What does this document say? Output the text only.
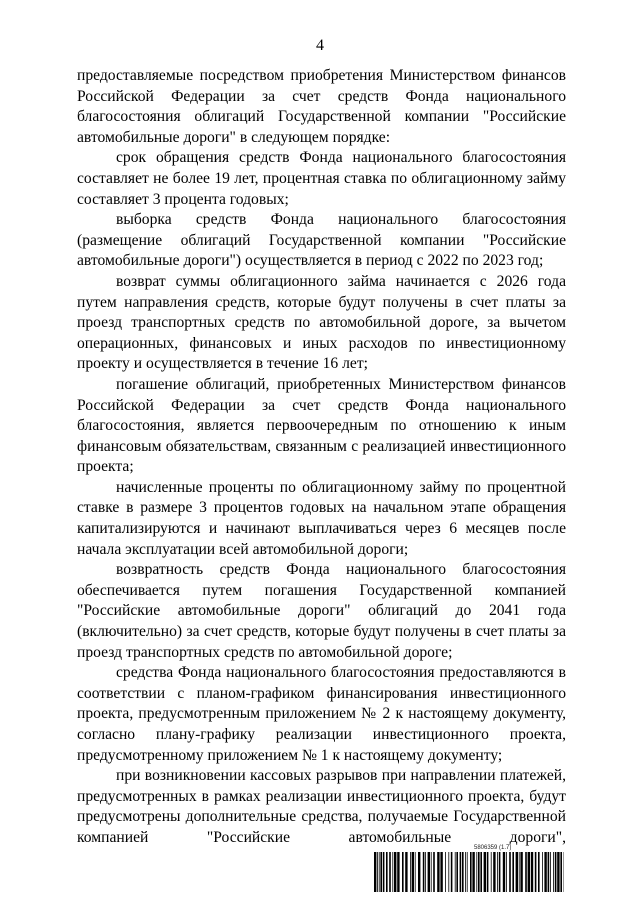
4

предоставляемые посредством приобретения Министерством финансов Российской Федерации за счет средств Фонда национального благосостояния облигаций Государственной компании "Российские автомобильные дороги" в следующем порядке:

срок обращения средств Фонда национального благосостояния составляет не более 19 лет, процентная ставка по облигационному займу составляет 3 процента годовых;

выборка средств Фонда национального благосостояния (размещение облигаций Государственной компании "Российские автомобильные дороги") осуществляется в период с 2022 по 2023 год;

возврат суммы облигационного займа начинается с 2026 года путем направления средств, которые будут получены в счет платы за проезд транспортных средств по автомобильной дороге, за вычетом операционных, финансовых и иных расходов по инвестиционному проекту и осуществляется в течение 16 лет;

погашение облигаций, приобретенных Министерством финансов Российской Федерации за счет средств Фонда национального благосостояния, является первоочередным по отношению к иным финансовым обязательствам, связанным с реализацией инвестиционного проекта;

начисленные проценты по облигационному займу по процентной ставке в размере 3 процентов годовых на начальном этапе обращения капитализируются и начинают выплачиваться через 6 месяцев после начала эксплуатации всей автомобильной дороги;

возвратность средств Фонда национального благосостояния обеспечивается путем погашения Государственной компанией "Российские автомобильные дороги" облигаций до 2041 года (включительно) за счет средств, которые будут получены в счет платы за проезд транспортных средств по автомобильной дороге;

средства Фонда национального благосостояния предоставляются в соответствии с планом-графиком финансирования инвестиционного проекта, предусмотренным приложением № 2 к настоящему документу, согласно плану-графику реализации инвестиционного проекта, предусмотренному приложением № 1 к настоящему документу;

при возникновении кассовых разрывов при направлении платежей, предусмотренных в рамках реализации инвестиционного проекта, будут предусмотрены дополнительные средства, получаемые Государственной компанией "Российские автомобильные дороги",

5806359 (1.7)
